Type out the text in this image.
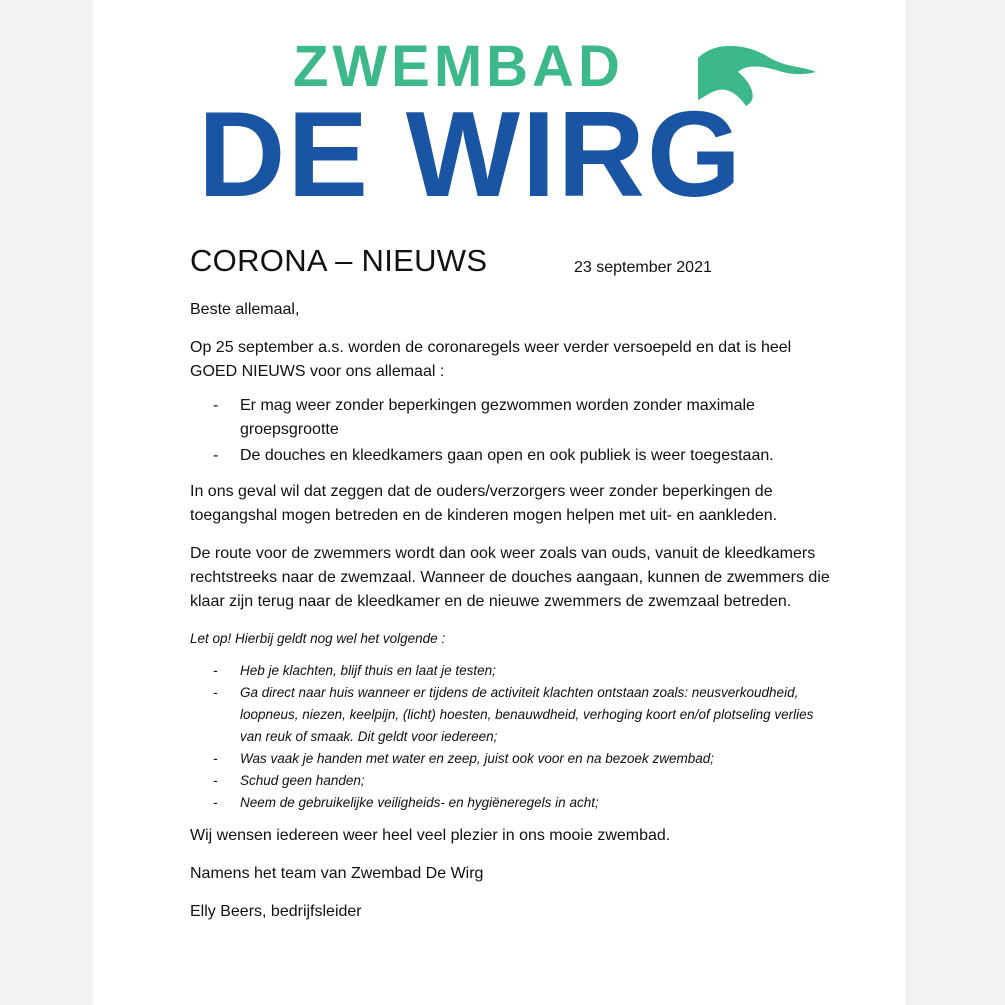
ZWEMBAD
DE WIRG
CORONA – NIEUWS	23 september 2021

Beste allemaal,

Op 25 september a.s. worden de coronaregels weer verder versoepeld en dat is heel GOED NIEUWS voor ons allemaal :

- Er mag weer zonder beperkingen gezwommen worden zonder maximale groepsgrootte
- De douches en kleedkamers gaan open en ook publiek is weer toegestaan.

In ons geval wil dat zeggen dat de ouders/verzorgers weer zonder beperkingen de toegangshal mogen betreden en de kinderen mogen helpen met uit- en aankleden.

De route voor de zwemmers wordt dan ook weer zoals van ouds, vanuit de kleedkamers rechtstreeks naar de zwemzaal. Wanneer de douches aangaan, kunnen de zwemmers die klaar zijn terug naar de kleedkamer en de nieuwe zwemmers de zwemzaal betreden.

Let op! Hierbij geldt nog wel het volgende :

- Heb je klachten, blijf thuis en laat je testen;
- Ga direct naar huis wanneer er tijdens de activiteit klachten ontstaan zoals: neusverkoudheid, loopneus, niezen, keelpijn, (licht) hoesten, benauwdheid, verhoging koort en/of plotseling verlies van reuk of smaak. Dit geldt voor iedereen;
- Was vaak je handen met water en zeep, juist ook voor en na bezoek zwembad;
- Schud geen handen;
- Neem de gebruikelijke veiligheids- en hygiëneregels in acht;

Wij wensen iedereen weer heel veel plezier in ons mooie zwembad.

Namens het team van Zwembad De Wirg

Elly Beers, bedrijfsleider
